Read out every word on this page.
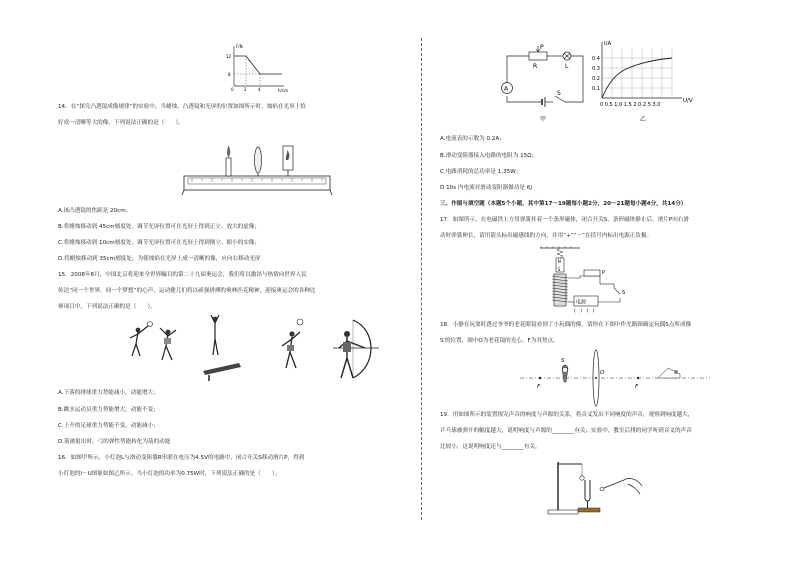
F/N
h/cm
12
8
0	2	4
14．在“探究凸透镜成像规律”的实验中，当蜡烛、凸透镜和光屏的位置如图所示时，烛焰在光屏上恰
好成一清晰等大的像，下列说法正确的是（　　）。
A.该凸透镜的焦距是 20cm；
B.将蜡烛移动到 45cm刻度处，调节光屏位置可在光屏上得到正立、放大的虚像；
C.将蜡烛移动到 10cm刻度处，调节光屏位置可在光屏上得到倒立、缩小的实像；
D.将蜡烛移动到 35cm刻度处，为使烛焰在光屏上成一清晰的像，应向右移动光屏
15．2008年8月，中国北京将迎来全世界瞩目的第二十九届奥运会，我们将以激昂与热情向世界人民
传达“同一个世界，同一个梦想”的心声，运动健儿们将以顽强拼搏的奥林匹克精神，迎接奥运会的各种比
赛项目中，下列说法正确的是（　　）。
A.下落的排球重力势能减小，动能增大；
B.跳水运动员重力势能增大，动能不变；
C.上升的足球重力势能不变，动能减小；
D.箭被射出时，弓的弹性势能转化为箭的动能
16．如图甲所示，小灯泡L与滑动变阻器R串联在电压为4.5V的电路中，闭合开关S移动滑片P，得到
小灯泡的I－U图象如图乙所示。当小灯泡的功率为0.75W时，下列说法正确的是（　　）。
P
R	L
A
S
甲
I/A
U/V
0.4
0.3
0.2
0.1
0 0.5 1.0 1.5 2.0 2.5 3.0
乙
A.电流表的示数为 0.2A；
B.滑动变阻器接入电路的电阻为 15Ω；
C.电路消耗的总功率是 1.35W；
D.10s 内电流对滑动变阻器做功是 6J
三、作图与填空题（本题5个小题，其中第17～19题每小题2分，20～21题每小题4分，共14分）
17．如图所示，在电磁铁上方用弹簧挂着一个条形磁体，闭合开关S，条形磁体静止后，滑片P向右滑
动时弹簧伸长，请用箭头标出磁感线的方向，并用“+”“－”在括号内标出电源正负极。
N
S	P
S
电源
(　)　(　)
18．小静在玩耍时透过爷爷的老花眼镜看到了小玩偶的像，请你在下图中作光路图确定玩偶S点所成像
S′的位置，图中O为老花镜的光心，F为其焦点。
F
S
O
F
19．用如图所示的装置探究声音的响度与声源的关系，将音叉发出不同响度的声音，观察到响度越大，
乒乓球被弹开的幅度越大，说明响度与声源的________有关；实验中，教室后排的同学听到音叉的声音
比较小，这说明响度还与________有关。
